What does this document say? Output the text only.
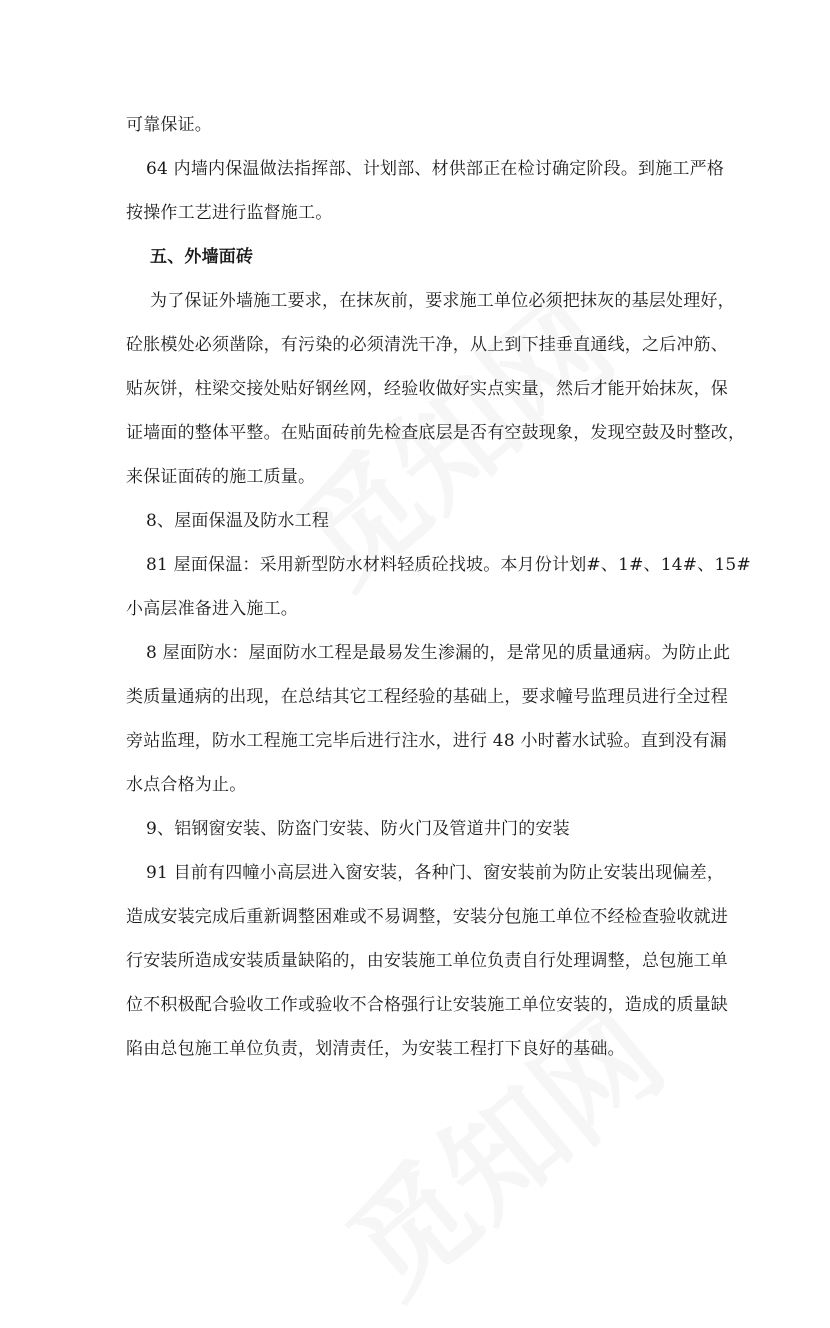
可靠保证。
64 内墙内保温做法指挥部、计划部、材供部正在检讨确定阶段。到施工严格
按操作工艺进行监督施工。
五、外墙面砖
为了保证外墙施工要求，在抹灰前，要求施工单位必须把抹灰的基层处理好，
砼胀模处必须凿除，有污染的必须清洗干净，从上到下挂垂直通线，之后冲筋、
贴灰饼，柱梁交接处贴好钢丝网，经验收做好实点实量，然后才能开始抹灰，保
证墙面的整体平整。在贴面砖前先检查底层是否有空鼓现象，发现空鼓及时整改，
来保证面砖的施工质量。
8、屋面保温及防水工程
81 屋面保温：采用新型防水材料轻质砼找坡。本月份计划#、1#、14#、15#
小高层准备进入施工。
8 屋面防水：屋面防水工程是最易发生渗漏的，是常见的质量通病。为防止此
类质量通病的出现，在总结其它工程经验的基础上，要求幢号监理员进行全过程
旁站监理，防水工程施工完毕后进行注水，进行 48 小时蓄水试验。直到没有漏
水点合格为止。
9、铝钢窗安装、防盗门安装、防火门及管道井门的安装
91 目前有四幢小高层进入窗安装，各种门、窗安装前为防止安装出现偏差，
造成安装完成后重新调整困难或不易调整，安装分包施工单位不经检查验收就进
行安装所造成安装质量缺陷的，由安装施工单位负责自行处理调整，总包施工单
位不积极配合验收工作或验收不合格强行让安装施工单位安装的，造成的质量缺
陷由总包施工单位负责，划清责任，为安装工程打下良好的基础。
